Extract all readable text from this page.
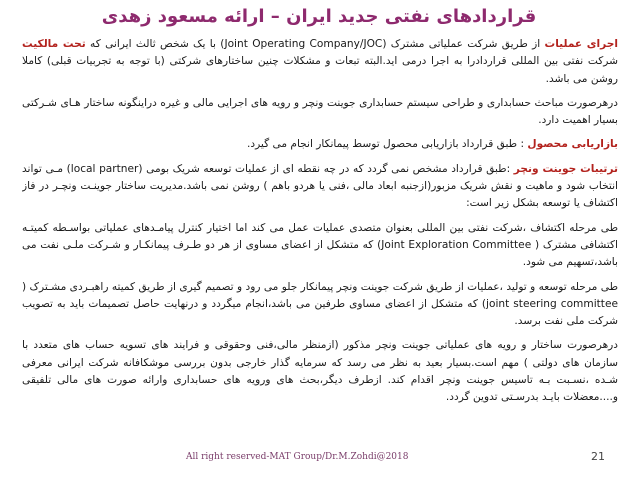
قراردادهای نفتی جدید ایران – ارائه مسعود زهدی

اجرای عملیات از طریق شرکت عملیاتی مشترک (Joint Operating Company/JOC) با یک شخص ثالث ایرانی که تحت مالکیت شرکت نفتی بین المللی قراردادرا به اجرا درمی اید.البته تبعات و مشکلات چنین ساختارهای شرکتی (با توجه به تجربیات قبلی) کاملا روشن می باشد.

درهرصورت مباحث حسابداری و طراحی سیستم حسابداری جوینت ونچر و رویه های اجرایی مالی و غیره دراینگونه ساختار هـای شـرکتی بسیار اهمیت دارد.

بازاریابی محصول : طبق قرارداد بازاریابی محصول توسط پیمانکار انجام می گیرد.

ترتیبات جوینت ونچر :طبق قرارداد مشخص نمی گردد که در چه نقطه ای از عملیات توسعه شریک بومی (local partner) مـی تواند انتخاب شود و ماهیت و نقش شریک مزبور(ازجنبه ابعاد مالی ،فنی یا هردو باهم ) روشن نمی باشد.مدیریت ساختار جوینـت ونچـر در فاز اکتشاف یا توسعه بشکل زیر است:

طی مرحله اکتشاف ،شرکت نفتی بین المللی بعنوان متصدی عملیات عمل می کند اما اختیار کنترل پیامـدهای عملیاتی بواسـطه کمیتـه اکتشافی مشترک ( Joint Exploration Committee) که متشکل از اعضای مساوی از هر دو طـرف پیمانکـار و شـرکت ملـی نفت می باشد،تسهیم می شود.

طی مرحله توسعه و تولید ،عملیات از طریق شرکت جوینت ونچر پیمانکار جلو می رود و تصمیم گیری از طریق کمیته راهبـردی مشـترک ( joint steering committee) که متشکل از اعضای مساوی طرفین می باشد،انجام میگردد و درنهایت حاصل تصمیمات باید به تصویب شرکت ملی نفت برسد.

درهرصورت ساختار و رویه های عملیاتی جوینت ونچر مذکور (ازمنظر مالی،فنی وحقوقی و فرایند های تسویه حساب های متعدد با سازمان های دولتی ) مهم است.بسیار بعید به نظر می رسد که سرمایه گذار خارجی بدون بررسی موشکافانه شرکت ایرانی معرفی شـده ،نسـبت بـه تاسیس جوینت ونچر اقدام کند. ازطرف دیگر،بحث های ورویه های حسابداری وارائه صورت های مالی تلفیقی و....معضلات بایـد بدرسـتی تدوین گردد.

All right reserved-MAT Group/Dr.M.Zohdi@2018	21
